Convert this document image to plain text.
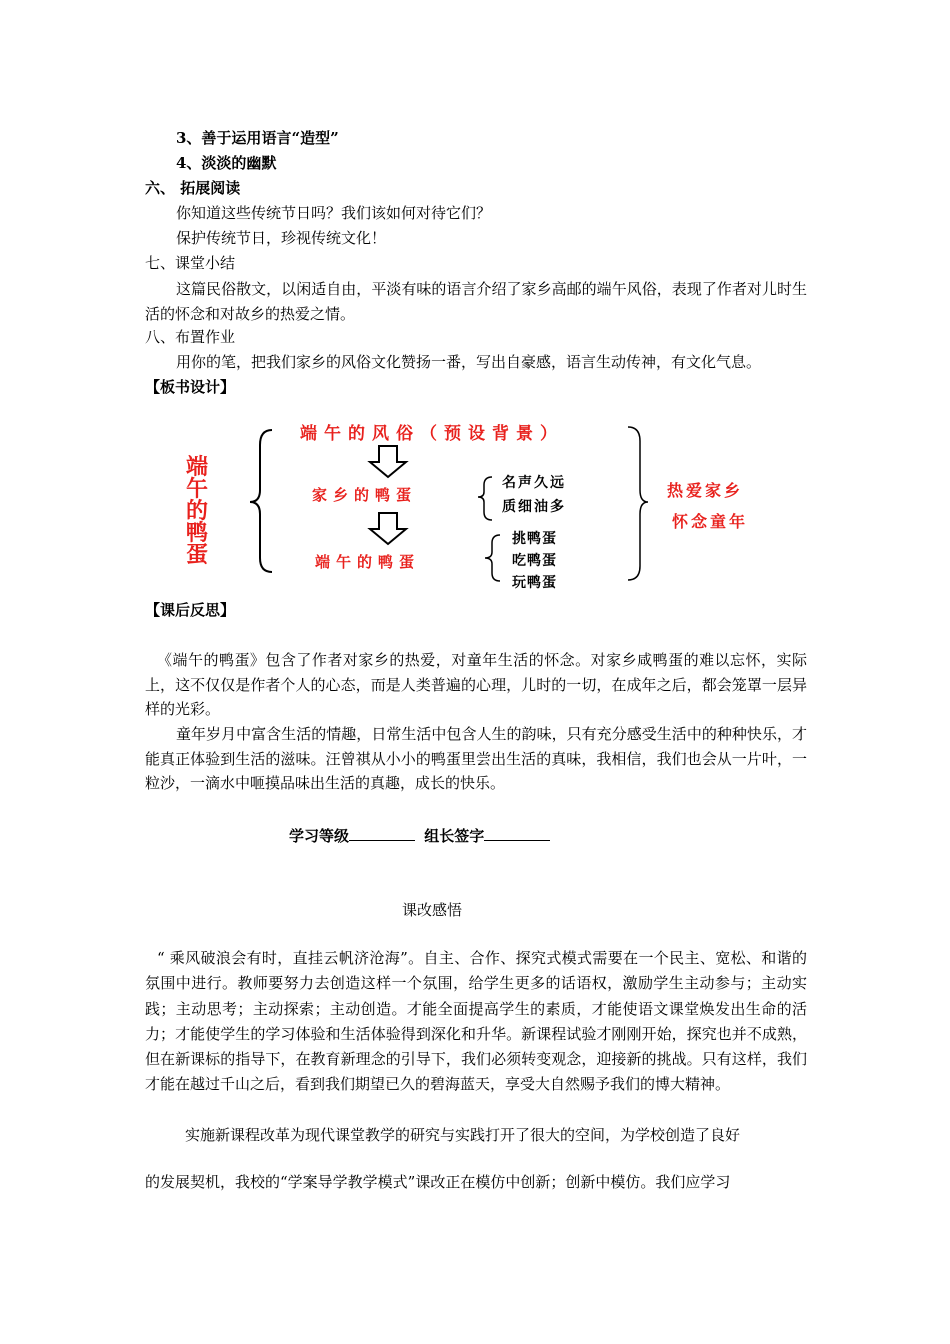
3、善于运用语言“造型”
4、淡淡的幽默
六、 拓展阅读
你知道这些传统节日吗？我们该如何对待它们？
保护传统节日，珍视传统文化！
七、课堂小结
这篇民俗散文，以闲适自由，平淡有味的语言介绍了家乡高邮的端午风俗，表现了作者对儿时生活的怀念和对故乡的热爱之情。
八、布置作业
用你的笔，把我们家乡的风俗文化赞扬一番，写出自豪感，语言生动传神，有文化气息。
【板书设计】
端
午
的
鸭
蛋
端午的风俗（预设背景）
家乡的鸭蛋
端午的鸭蛋
名声久远
质细油多
挑鸭蛋
吃鸭蛋
玩鸭蛋
热爱家乡
怀念童年
【课后反思】
《端午的鸭蛋》包含了作者对家乡的热爱，对童年生活的怀念。对家乡咸鸭蛋的难以忘怀，实际上，这不仅仅是作者个人的心态，而是人类普遍的心理，儿时的一切，在成年之后，都会笼罩一层异样的光彩。
童年岁月中富含生活的情趣，日常生活中包含人生的韵味，只有充分感受生活中的种种快乐，才能真正体验到生活的滋味。汪曾祺从小小的鸭蛋里尝出生活的真味，我相信，我们也会从一片叶，一粒沙，一滴水中咂摸品味出生活的真趣，成长的快乐。
学习等级	组长签字
课改感悟
“ 乘风破浪会有时，直挂云帆济沧海”。自主、合作、探究式模式需要在一个民主、宽松、和谐的氛围中进行。教师要努力去创造这样一个氛围，给学生更多的话语权，激励学生主动参与；主动实践；主动思考；主动探索；主动创造。才能全面提高学生的素质，才能使语文课堂焕发出生命的活力；才能使学生的学习体验和生活体验得到深化和升华。新课程试验才刚刚开始，探究也并不成熟，但在新课标的指导下，在教育新理念的引导下，我们必须转变观念，迎接新的挑战。只有这样，我们才能在越过千山之后，看到我们期望已久的碧海蓝天，享受大自然赐予我们的博大精神。
实施新课程改革为现代课堂教学的研究与实践打开了很大的空间，为学校创造了良好
的发展契机，我校的“学案导学教学模式”课改正在模仿中创新；创新中模仿。我们应学习
